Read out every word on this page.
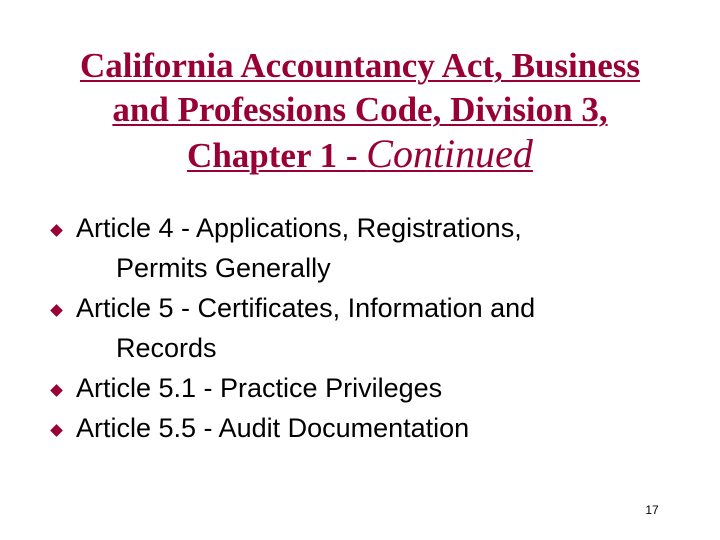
California Accountancy Act, Business
and Professions Code, Division 3,
Chapter 1 - Continued
Article 4 - Applications, Registrations,
Permits Generally
Article 5 - Certificates, Information and
Records
Article 5.1 - Practice Privileges
Article 5.5 - Audit Documentation
17
